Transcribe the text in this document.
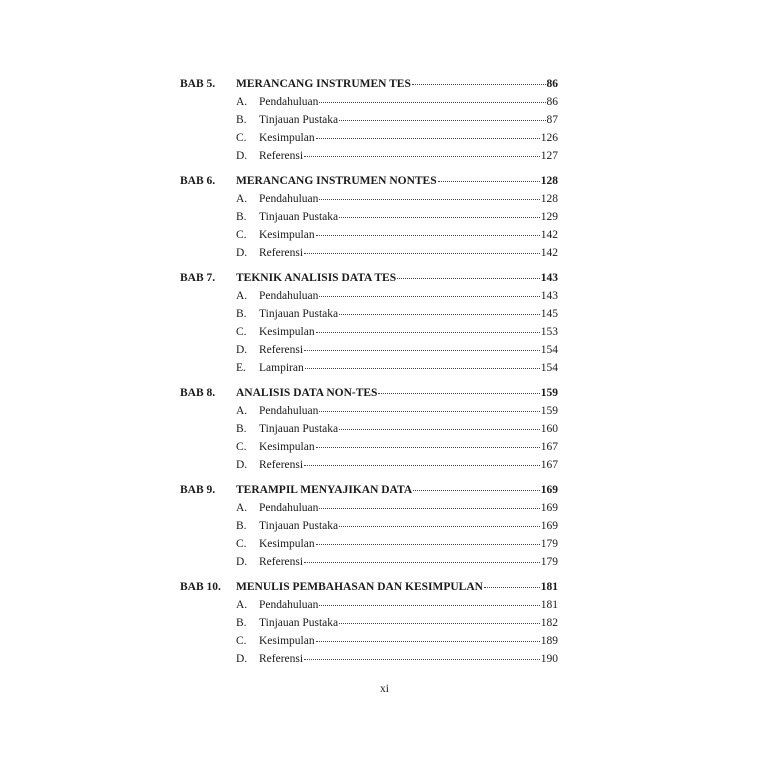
BAB 5.	MERANCANG INSTRUMEN TES	86
A.	Pendahuluan	86
B.	Tinjauan Pustaka	87
C.	Kesimpulan	126
D.	Referensi	127
BAB 6.	MERANCANG INSTRUMEN NONTES	128
A.	Pendahuluan	128
B.	Tinjauan Pustaka	129
C.	Kesimpulan	142
D.	Referensi	142
BAB 7.	TEKNIK ANALISIS DATA TES	143
A.	Pendahuluan	143
B.	Tinjauan Pustaka	145
C.	Kesimpulan	153
D.	Referensi	154
E.	Lampiran	154
BAB 8.	ANALISIS DATA NON-TES	159
A.	Pendahuluan	159
B.	Tinjauan Pustaka	160
C.	Kesimpulan	167
D.	Referensi	167
BAB 9.	TERAMPIL MENYAJIKAN DATA	169
A.	Pendahuluan	169
B.	Tinjauan Pustaka	169
C.	Kesimpulan	179
D.	Referensi	179
BAB 10.	MENULIS PEMBAHASAN DAN KESIMPULAN	181
A.	Pendahuluan	181
B.	Tinjauan Pustaka	182
C.	Kesimpulan	189
D.	Referensi	190
xi
